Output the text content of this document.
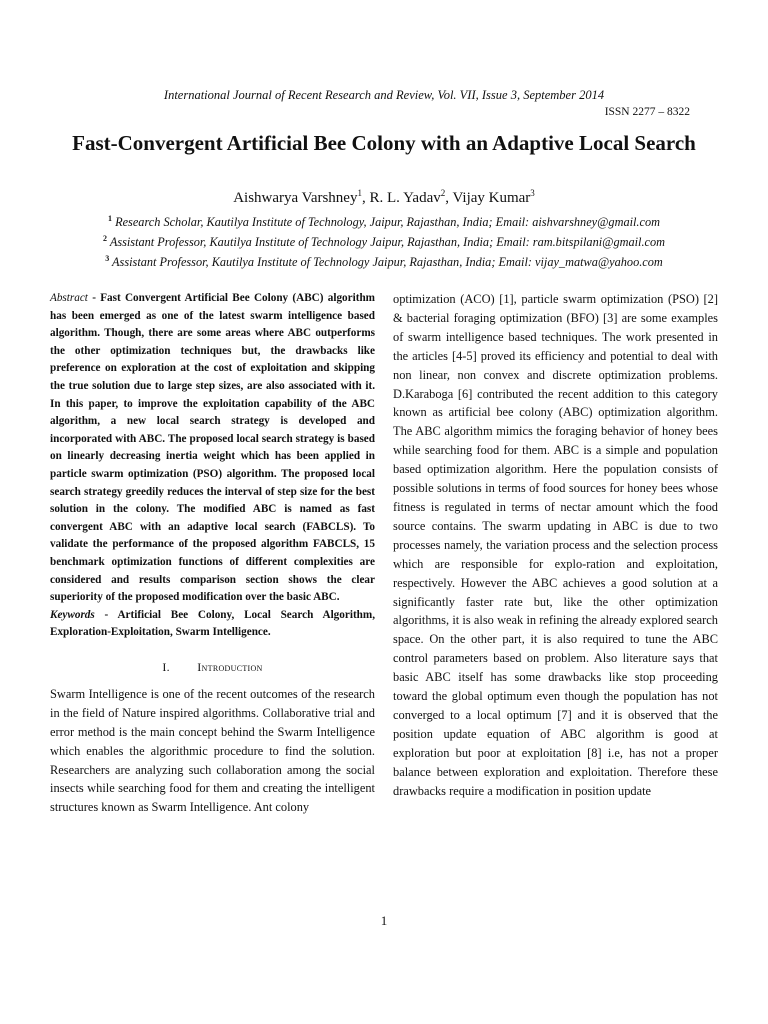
International Journal of Recent Research and Review, Vol. VII, Issue 3, September 2014
ISSN 2277 – 8322
Fast-Convergent Artificial Bee Colony with an Adaptive Local Search
Aishwarya Varshney$^1$, R. L. Yadav$^2$, Vijay Kumar$^3$
$^1$ Research Scholar, Kautilya Institute of Technology, Jaipur, Rajasthan, India; Email: aishvarshney@gmail.com
$^2$ Assistant Professor, Kautilya Institute of Technology Jaipur, Rajasthan, India; Email: ram.bitspilani@gmail.com
$^3$ Assistant Professor, Kautilya Institute of Technology Jaipur, Rajasthan, India; Email: vijay_matwa@yahoo.com

Abstract - Fast Convergent Artificial Bee Colony (ABC) algorithm has been emerged as one of the latest swarm intelligence based algorithm. Though, there are some areas where ABC outperforms the other optimization techniques but, the drawbacks like preference on exploration at the cost of exploitation and skipping the true solution due to large step sizes, are also associated with it. In this paper, to improve the exploitation capability of the ABC algorithm, a new local search strategy is developed and incorporated with ABC. The proposed local search strategy is based on linearly decreasing inertia weight which has been applied in particle swarm optimization (PSO) algorithm. The proposed local search strategy greedily reduces the interval of step size for the best solution in the colony. The modified ABC is named as fast convergent ABC with an adaptive local search (FABCLS). To validate the performance of the proposed algorithm FABCLS, 15 benchmark optimization functions of different complexities are considered and results comparison section shows the clear superiority of the proposed modification over the basic ABC.

Keywords - Artificial Bee Colony, Local Search Algorithm, Exploration-Exploitation, Swarm Intelligence.

I. Introduction

Swarm Intelligence is one of the recent outcomes of the research in the field of Nature inspired algorithms. Collaborative trial and error method is the main concept behind the Swarm Intelligence which enables the algorithmic procedure to find the solution. Researchers are analyzing such collaboration among the social insects while searching food for them and creating the intelligent structures known as Swarm Intelligence. Ant colony

optimization (ACO) [1], particle swarm optimization (PSO) [2] & bacterial foraging optimization (BFO) [3] are some examples of swarm intelligence based techniques. The work presented in the articles [4-5] proved its efficiency and potential to deal with non linear, non convex and discrete optimization problems. D.Karaboga [6] contributed the recent addition to this category known as artificial bee colony (ABC) optimization algorithm. The ABC algorithm mimics the foraging behavior of honey bees while searching food for them. ABC is a simple and population based optimization algorithm. Here the population consists of possible solutions in terms of food sources for honey bees whose fitness is regulated in terms of nectar amount which the food source contains. The swarm updating in ABC is due to two processes namely, the variation process and the selection process which are responsible for explo-ration and exploitation, respectively. However the ABC achieves a good solution at a significantly faster rate but, like the other optimization algorithms, it is also weak in refining the already explored search space. On the other part, it is also required to tune the ABC control parameters based on problem. Also literature says that basic ABC itself has some drawbacks like stop proceeding toward the global optimum even though the population has not converged to a local optimum [7] and it is observed that the position update equation of ABC algorithm is good at exploration but poor at exploitation [8] i.e, has not a proper balance between exploration and exploitation. Therefore these drawbacks require a modification in position update

1
